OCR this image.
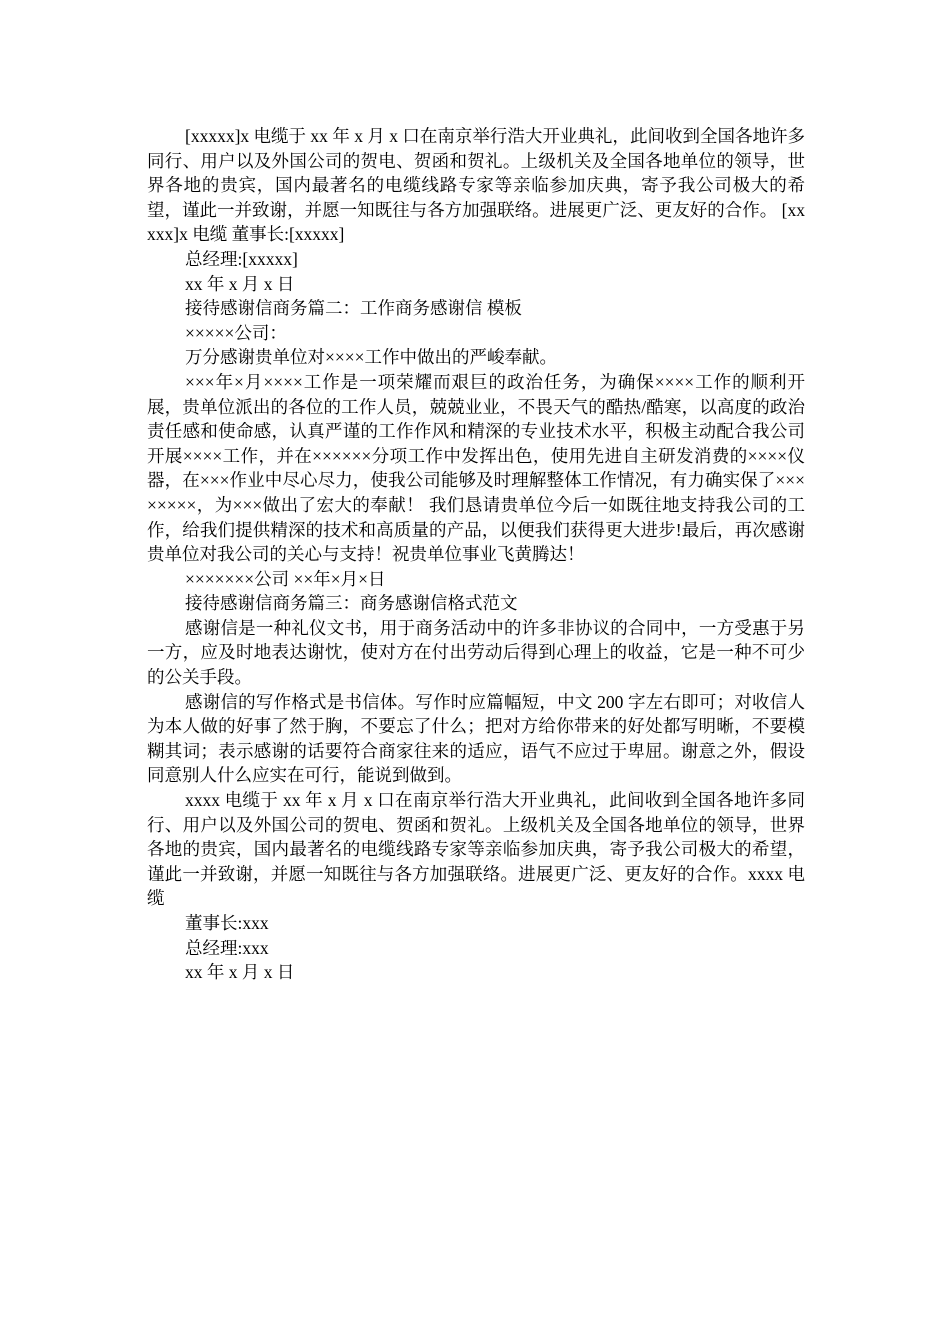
[xxxxx]x 电缆于 xx 年 x 月 x 口在南京举行浩大开业典礼，此间收到全国各地许多同行、用户以及外国公司的贺电、贺函和贺礼。上级机关及全国各地单位的领导，世界各地的贵宾，国内最著名的电缆线路专家等亲临参加庆典，寄予我公司极大的希望，谨此一并致谢，并愿一知既往与各方加强联络。进展更广泛、更友好的合作。 [xxxxx]x 电缆 董事长:[xxxxx]

总经理:[xxxxx]

xx 年 x 月 x 日

接待感谢信商务篇二：工作商务感谢信 模板

×××××公司：

万分感谢贵单位对××××工作中做出的严峻奉献。

×××年×月××××工作是一项荣耀而艰巨的政治任务，为确保××××工作的顺利开展，贵单位派出的各位的工作人员，兢兢业业，不畏天气的酷热/酷寒，以高度的政治责任感和使命感，认真严谨的工作作风和精深的专业技术水平，积极主动配合我公司开展××××工作，并在××××××分项工作中发挥出色，使用先进自主研发消费的××××仪器，在×××作业中尽心尽力，使我公司能够及时理解整体工作情况，有力确实保了××××××××，为×××做出了宏大的奉献！ 我们恳请贵单位今后一如既往地支持我公司的工作，给我们提供精深的技术和高质量的产品，以便我们获得更大进步!最后，再次感谢贵单位对我公司的关心与支持！祝贵单位事业飞黄腾达！

×××××××公司 ××年×月×日

接待感谢信商务篇三：商务感谢信格式范文

感谢信是一种礼仪文书，用于商务活动中的许多非协议的合同中，一方受惠于另一方，应及时地表达谢忱，使对方在付出劳动后得到心理上的收益，它是一种不可少的公关手段。

感谢信的写作格式是书信体。写作时应篇幅短，中文 200 字左右即可；对收信人为本人做的好事了然于胸，不要忘了什么；把对方给你带来的好处都写明晰，不要模糊其词；表示感谢的话要符合商家往来的适应，语气不应过于卑屈。谢意之外，假设同意别人什么应实在可行，能说到做到。

xxxx 电缆于 xx 年 x 月 x 口在南京举行浩大开业典礼，此间收到全国各地许多同行、用户以及外国公司的贺电、贺函和贺礼。上级机关及全国各地单位的领导，世界各地的贵宾，国内最著名的电缆线路专家等亲临参加庆典，寄予我公司极大的希望，谨此一并致谢，并愿一知既往与各方加强联络。进展更广泛、更友好的合作。xxxx 电缆

董事长:xxx

总经理:xxx

xx 年 x 月 x 日
